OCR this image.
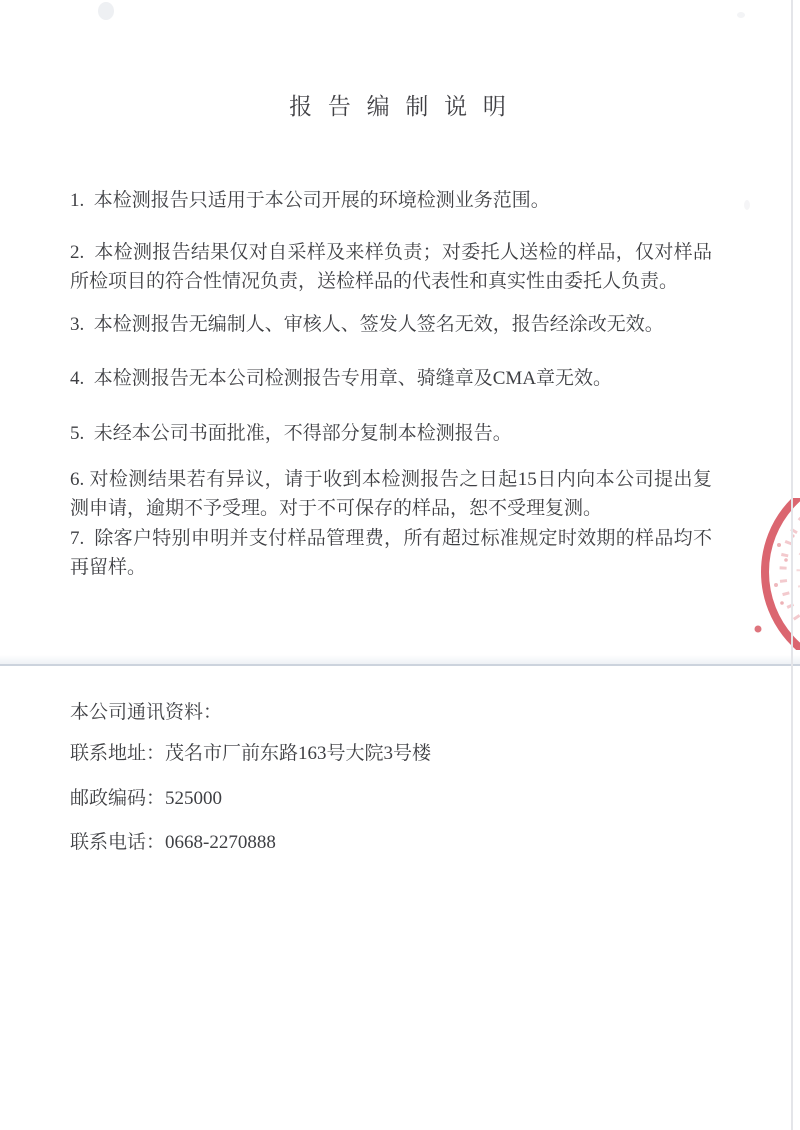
报 告 编 制 说 明
1.  本检测报告只适用于本公司开展的环境检测业务范围。
2.  本检测报告结果仅对自采样及来样负责；对委托人送检的样品，仅对样品所检项目的符合性情况负责，送检样品的代表性和真实性由委托人负责。
3.  本检测报告无编制人、审核人、签发人签名无效，报告经涂改无效。
4.  本检测报告无本公司检测报告专用章、骑缝章及CMA章无效。
5.  未经本公司书面批准，不得部分复制本检测报告。
6. 对检测结果若有异议，请于收到本检测报告之日起15日内向本公司提出复测申请，逾期不予受理。对于不可保存的样品，恕不受理复测。
7.  除客户特别申明并支付样品管理费，所有超过标准规定时效期的样品均不再留样。
本公司通讯资料：
联系地址：茂名市厂前东路163号大院3号楼
邮政编码：525000
联系电话：0668-2270888
